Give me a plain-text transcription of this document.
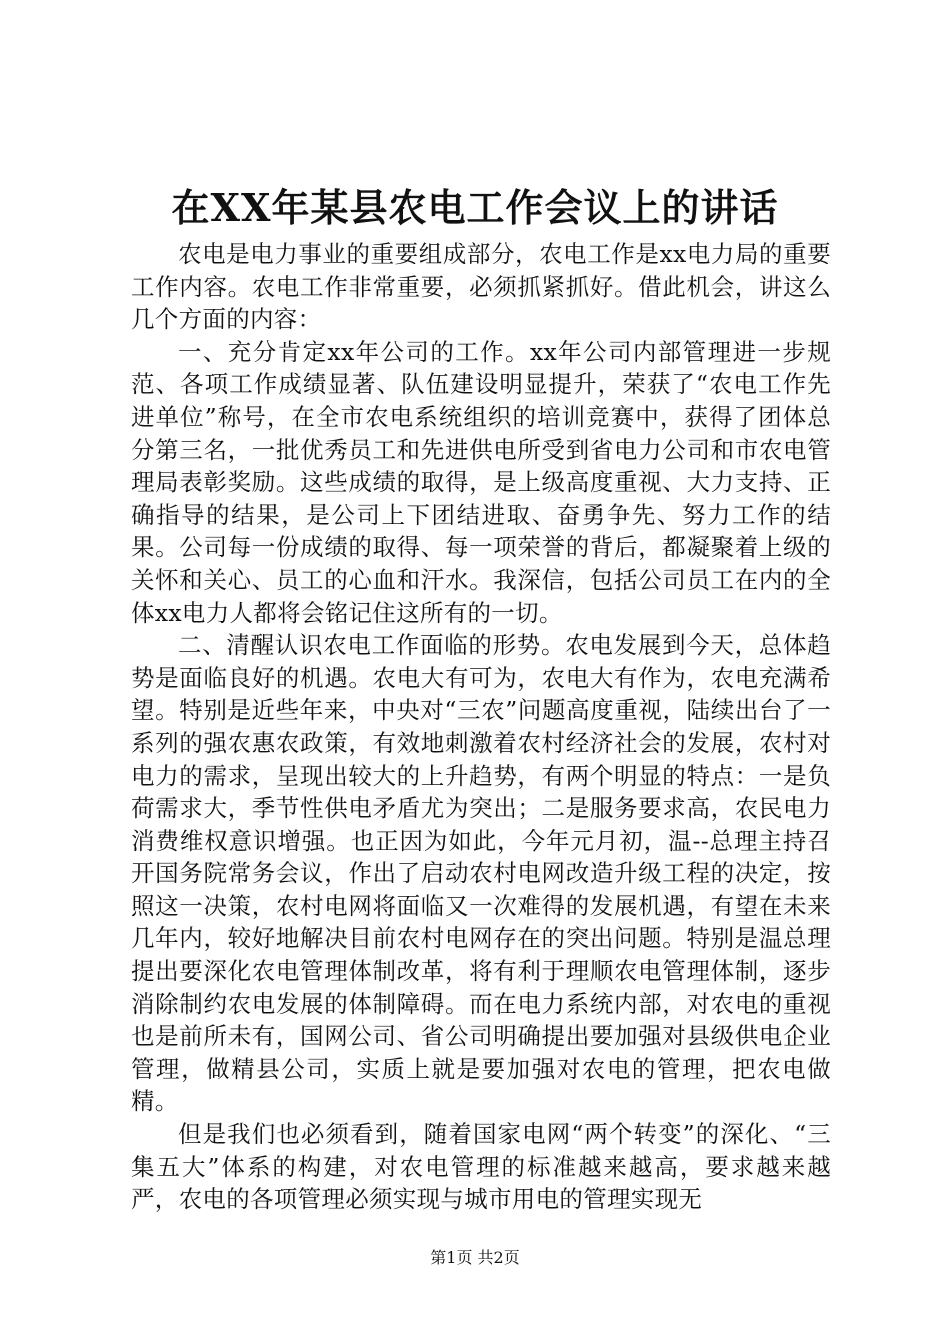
在XX年某县农电工作会议上的讲话

农电是电力事业的重要组成部分，农电工作是xx电力局的重要工作内容。农电工作非常重要，必须抓紧抓好。借此机会，讲这么几个方面的内容：

一、充分肯定xx年公司的工作。xx年公司内部管理进一步规范、各项工作成绩显著、队伍建设明显提升，荣获了“农电工作先进单位”称号，在全市农电系统组织的培训竞赛中，获得了团体总分第三名，一批优秀员工和先进供电所受到省电力公司和市农电管理局表彰奖励。这些成绩的取得，是上级高度重视、大力支持、正确指导的结果，是公司上下团结进取、奋勇争先、努力工作的结果。公司每一份成绩的取得、每一项荣誉的背后，都凝聚着上级的关怀和关心、员工的心血和汗水。我深信，包括公司员工在内的全体xx电力人都将会铭记住这所有的一切。

二、清醒认识农电工作面临的形势。农电发展到今天，总体趋势是面临良好的机遇。农电大有可为，农电大有作为，农电充满希望。特别是近些年来，中央对“三农”问题高度重视，陆续出台了一系列的强农惠农政策，有效地刺激着农村经济社会的发展，农村对电力的需求，呈现出较大的上升趋势，有两个明显的特点：一是负荷需求大，季节性供电矛盾尤为突出；二是服务要求高，农民电力消费维权意识增强。也正因为如此，今年元月初，温--总理主持召开国务院常务会议，作出了启动农村电网改造升级工程的决定，按照这一决策，农村电网将面临又一次难得的发展机遇，有望在未来几年内，较好地解决目前农村电网存在的突出问题。特别是温总理提出要深化农电管理体制改革，将有利于理顺农电管理体制，逐步消除制约农电发展的体制障碍。而在电力系统内部，对农电的重视也是前所未有，国网公司、省公司明确提出要加强对县级供电企业管理，做精县公司，实质上就是要加强对农电的管理，把农电做精。

但是我们也必须看到，随着国家电网“两个转变”的深化、“三集五大”体系的构建，对农电管理的标准越来越高，要求越来越严，农电的各项管理必须实现与城市用电的管理实现无

第1页 共2页
